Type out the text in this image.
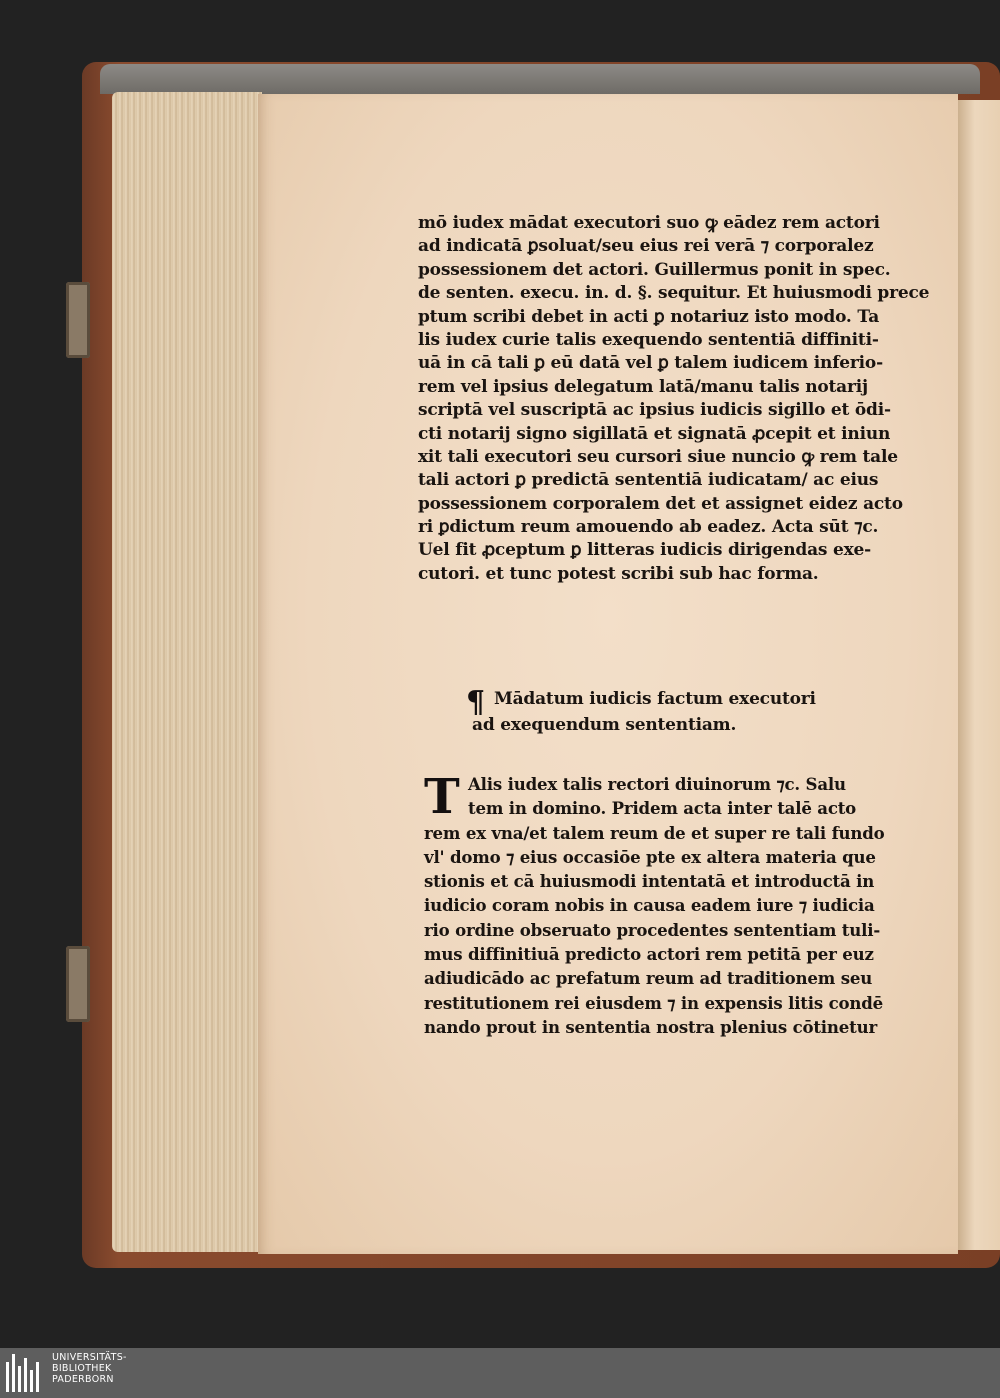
mō iudex mādat executori suo ꝙ eādez rem actori
ad indicatā ꝑsoluat/seu eius rei verā ⁊ corporalez
possessionem det actori. Guillermus ponit in spec.
de senten. execu. in. d. §. sequitur. Et huiusmodi prece
ptum scribi debet in acti ꝑ notariuz isto modo. Ta
lis iudex curie talis exequendo sententiā diffiniti-
uā in cā tali ꝑ eū datā vel ꝑ talem iudicem inferio-
rem vel ipsius delegatum latā/manu talis notarij
scriptā vel suscriptā ac ipsius iudicis sigillo et ōdi-
cti notarij signo sigillatā et signatā ꝓcepit et iniun
xit tali executori seu cursori siue nuncio ꝙ rem tale
tali actori ꝑ predictā sententiā iudicatam/ ac eius
possessionem corporalem det et assignet eidez acto
ri ꝑdictum reum amouendo ab eadez. Acta sūt ⁊c.
Uel fit ꝓceptum ꝑ litteras iudicis dirigendas exe-
cutori. et tunc potest scribi sub hac forma.
¶ Mādatum iudicis factum executori
ad exequendum sententiam.
T Alis iudex talis rectori diuinorum ⁊c. Salu
tem in domino. Pridem acta inter talē acto
rem ex vna/et talem reum de et super re tali fundo
vl' domo ⁊ eius occasiōe pte ex altera materia que
stionis et cā huiusmodi intentatā et introductā in
iudicio coram nobis in causa eadem iure ⁊ iudicia
rio ordine obseruato procedentes sententiam tuli-
mus diffinitiuā predicto actori rem petitā per euz
adiudicādo ac prefatum reum ad traditionem seu
restitutionem rei eiusdem ⁊ in expensis litis condē
nando prout in sententia nostra plenius cōtinetur
UNIVERSITÄTS-
BIBLIOTHEK
PADERBORN
